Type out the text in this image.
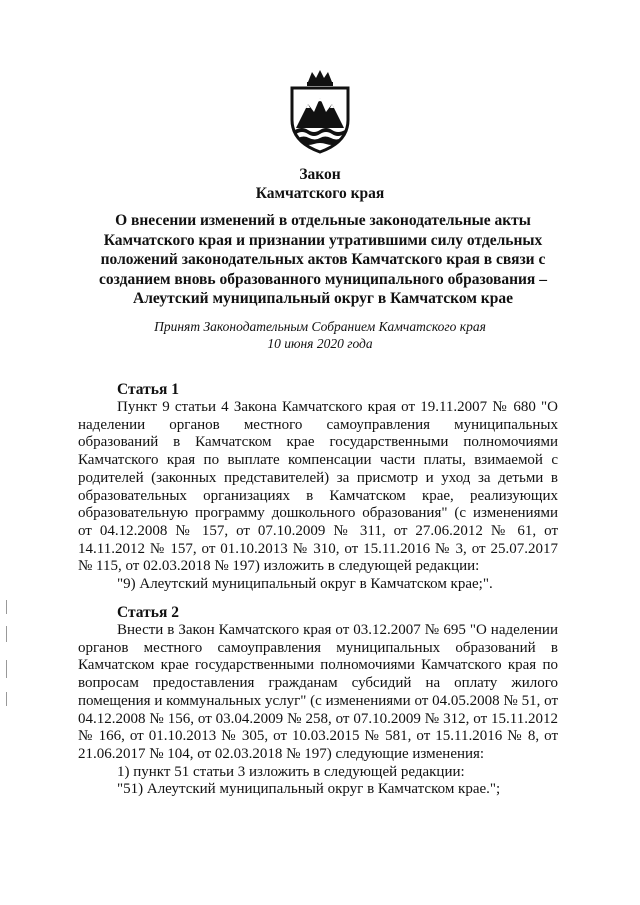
Закон
Камчатского края
О внесении изменений в отдельные законодательные акты Камчатского края и признании утратившими силу отдельных положений законодательных актов Камчатского края в связи с созданием вновь образованного муниципального образования – Алеутский муниципальный округ в Камчатском крае
Принят Законодательным Собранием Камчатского края
10 июня 2020 года
Статья 1

Пункт 9 статьи 4 Закона Камчатского края от 19.11.2007 № 680 "О наделении органов местного самоуправления муниципальных образований в Камчатском крае государственными полномочиями Камчатского края по выплате компенсации части платы, взимаемой с родителей (законных представителей) за присмотр и уход за детьми в образовательных организациях в Камчатском крае, реализующих образовательную программу дошкольного образования" (с изменениями от 04.12.2008 № 157, от 07.10.2009 № 311, от 27.06.2012 № 61, от 14.11.2012 № 157, от 01.10.2013 № 310, от 15.11.2016 № 3, от 25.07.2017 № 115, от 02.03.2018 № 197) изложить в следующей редакции:

"9) Алеутский муниципальный округ в Камчатском крае;".

Статья 2

Внести в Закон Камчатского края от 03.12.2007 № 695 "О наделении органов местного самоуправления муниципальных образований в Камчатском крае государственными полномочиями Камчатского края по вопросам предоставления гражданам субсидий на оплату жилого помещения и коммунальных услуг" (с изменениями от 04.05.2008 № 51, от 04.12.2008 № 156, от 03.04.2009 № 258, от 07.10.2009 № 312, от 15.11.2012 № 166, от 01.10.2013 № 305, от 10.03.2015 № 581, от 15.11.2016 № 8, от 21.06.2017 № 104, от 02.03.2018 № 197) следующие изменения:

1) пункт 51 статьи 3 изложить в следующей редакции:

"51) Алеутский муниципальный округ в Камчатском крае.";
